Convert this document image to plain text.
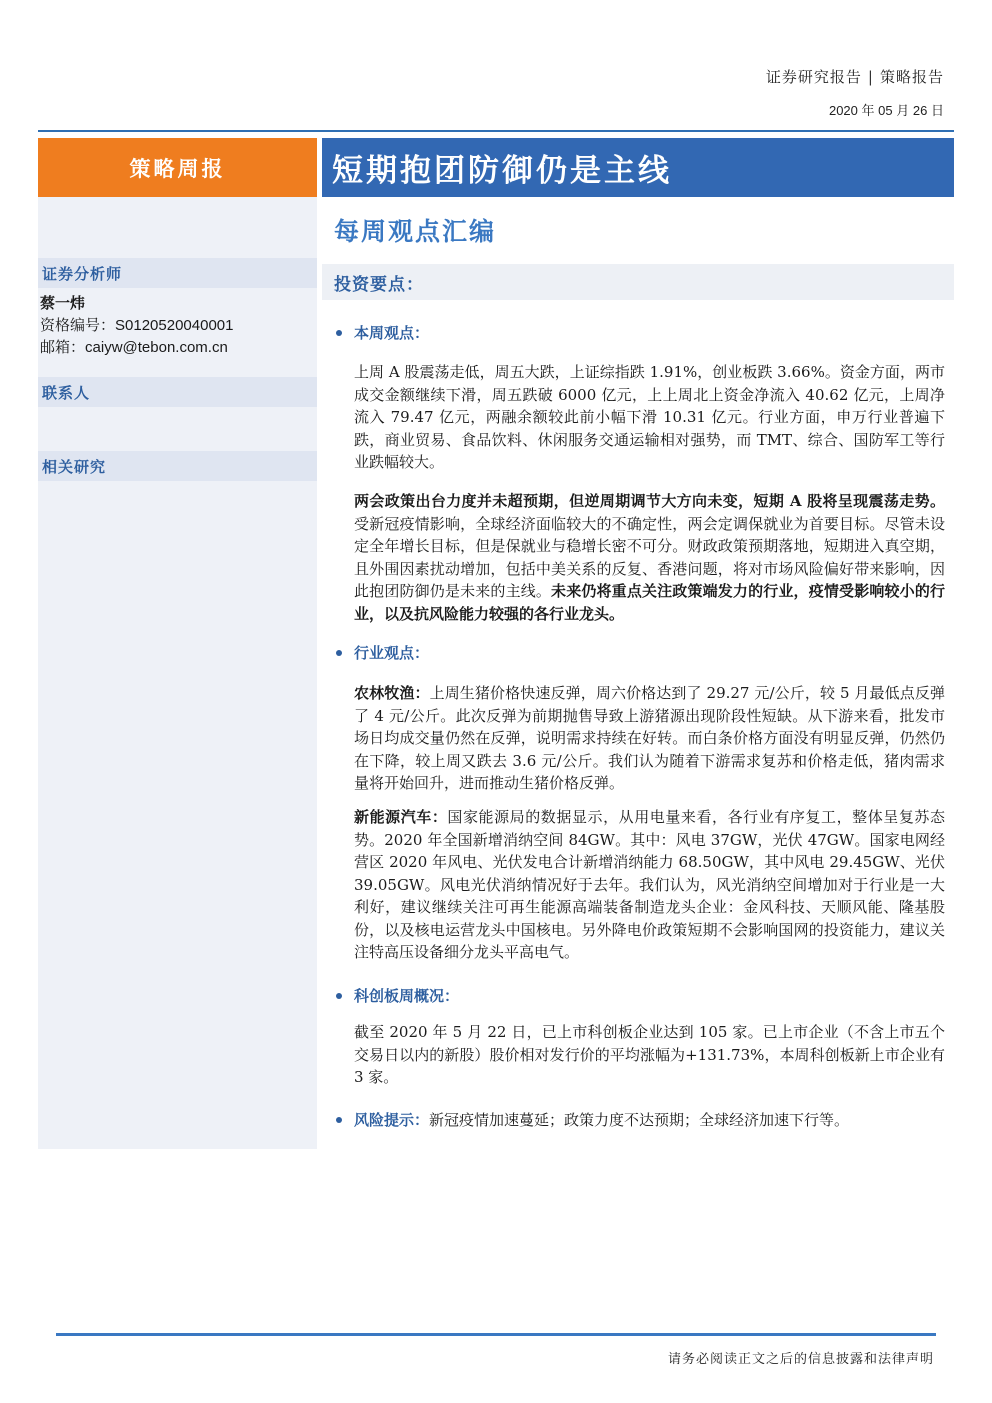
证券研究报告 | 策略报告
2020 年 05 月 26 日
策略周报	短期抱团防御仍是主线
每周观点汇编
证券分析师
蔡一炜
资格编号：S0120520040001
邮箱：caiyw@tebon.com.cn
联系人
相关研究
投资要点：
本周观点：
上周 A 股震荡走低，周五大跌，上证综指跌 1.91%，创业板跌 3.66%。资金方面，两市成交金额继续下滑，周五跌破 6000 亿元，上上周北上资金净流入 40.62 亿元，上周净流入 79.47 亿元，两融余额较此前小幅下滑 10.31 亿元。行业方面，申万行业普遍下跌，商业贸易、食品饮料、休闲服务交通运输相对强势，而 TMT、综合、国防军工等行业跌幅较大。
两会政策出台力度并未超预期，但逆周期调节大方向未变，短期 A 股将呈现震荡走势。受新冠疫情影响，全球经济面临较大的不确定性，两会定调保就业为首要目标。尽管未设定全年增长目标，但是保就业与稳增长密不可分。财政政策预期落地，短期进入真空期，且外围因素扰动增加，包括中美关系的反复、香港问题，将对市场风险偏好带来影响，因此抱团防御仍是未来的主线。未来仍将重点关注政策端发力的行业，疫情受影响较小的行业，以及抗风险能力较强的各行业龙头。
行业观点：
农林牧渔：上周生猪价格快速反弹，周六价格达到了 29.27 元/公斤，较 5 月最低点反弹了 4 元/公斤。此次反弹为前期抛售导致上游猪源出现阶段性短缺。从下游来看，批发市场日均成交量仍然在反弹，说明需求持续在好转。而白条价格方面没有明显反弹，仍然仍在下降，较上周又跌去 3.6 元/公斤。我们认为随着下游需求复苏和价格走低，猪肉需求量将开始回升，进而推动生猪价格反弹。
新能源汽车：国家能源局的数据显示，从用电量来看，各行业有序复工，整体呈复苏态势。2020 年全国新增消纳空间 84GW。其中：风电 37GW，光伏 47GW。国家电网经营区 2020 年风电、光伏发电合计新增消纳能力 68.50GW，其中风电 29.45GW、光伏 39.05GW。风电光伏消纳情况好于去年。我们认为，风光消纳空间增加对于行业是一大利好，建议继续关注可再生能源高端装备制造龙头企业：金风科技、天顺风能、隆基股份，以及核电运营龙头中国核电。另外降电价政策短期不会影响国网的投资能力，建议关注特高压设备细分龙头平高电气。
科创板周概况：
截至 2020 年 5 月 22 日，已上市科创板企业达到 105 家。已上市企业（不含上市五个交易日以内的新股）股价相对发行价的平均涨幅为+131.73%，本周科创板新上市企业有 3 家。
风险提示： 新冠疫情加速蔓延；政策力度不达预期；全球经济加速下行等。
请务必阅读正文之后的信息披露和法律声明
